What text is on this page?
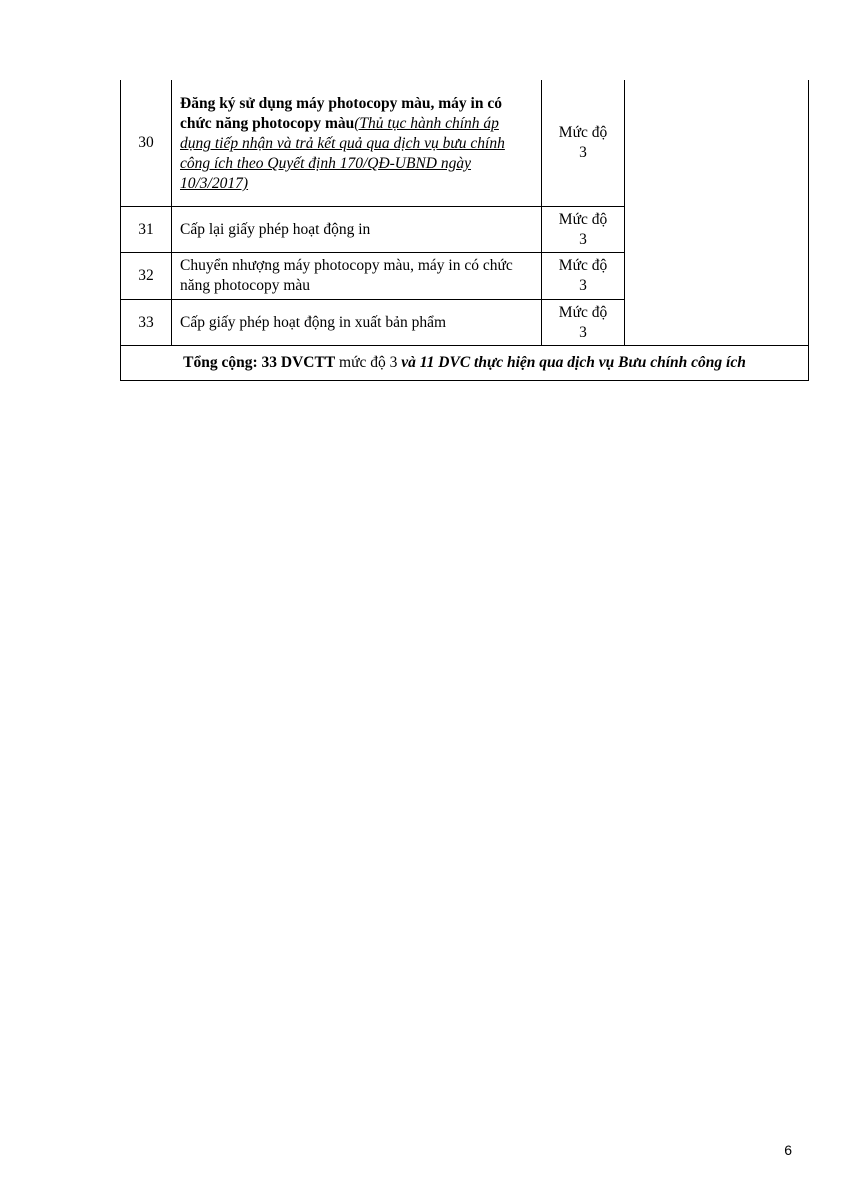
30	Đăng ký sử dụng máy photocopy màu, máy in có chức năng photocopy màu(Thủ tục hành chính áp dụng tiếp nhận và trả kết quả qua dịch vụ bưu chính công ích theo Quyết định 170/QĐ-UBND ngày 10/3/2017)	Mức độ
3	

31	Cấp lại giấy phép hoạt động in	Mức độ
3	

32	Chuyển nhượng máy photocopy màu, máy in có chức năng photocopy màu	Mức độ
3	

33	Cấp giấy phép hoạt động in xuất bản phẩm	Mức độ
3	

Tổng cộng: 33 DVCTT mức độ 3 và 11 DVC thực hiện qua dịch vụ Bưu chính công ích			
6
